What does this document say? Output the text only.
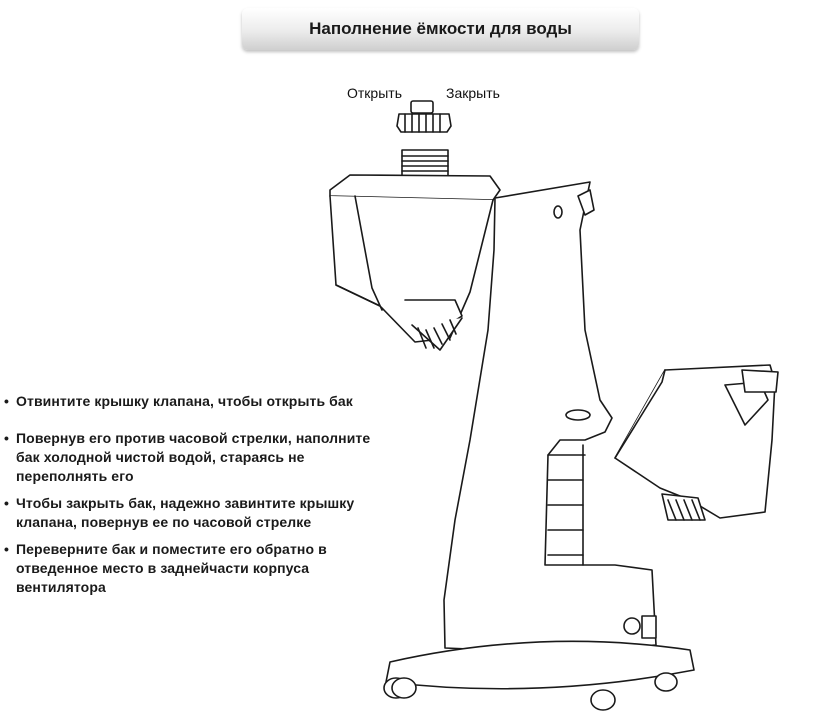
Наполнение ёмкости для воды
Открыть	Закрыть
• Отвинтите крышку клапана, чтобы открыть бак
• Повернув его против часовой стрелки, наполните бак холодной чистой водой, стараясь не переполнять его
• Чтобы закрыть бак, надежно завинтите крышку клапана, повернув ее по часовой стрелке
• Переверните бак и поместите его обратно в отведенное место в заднейчасти корпуса вентилятора
